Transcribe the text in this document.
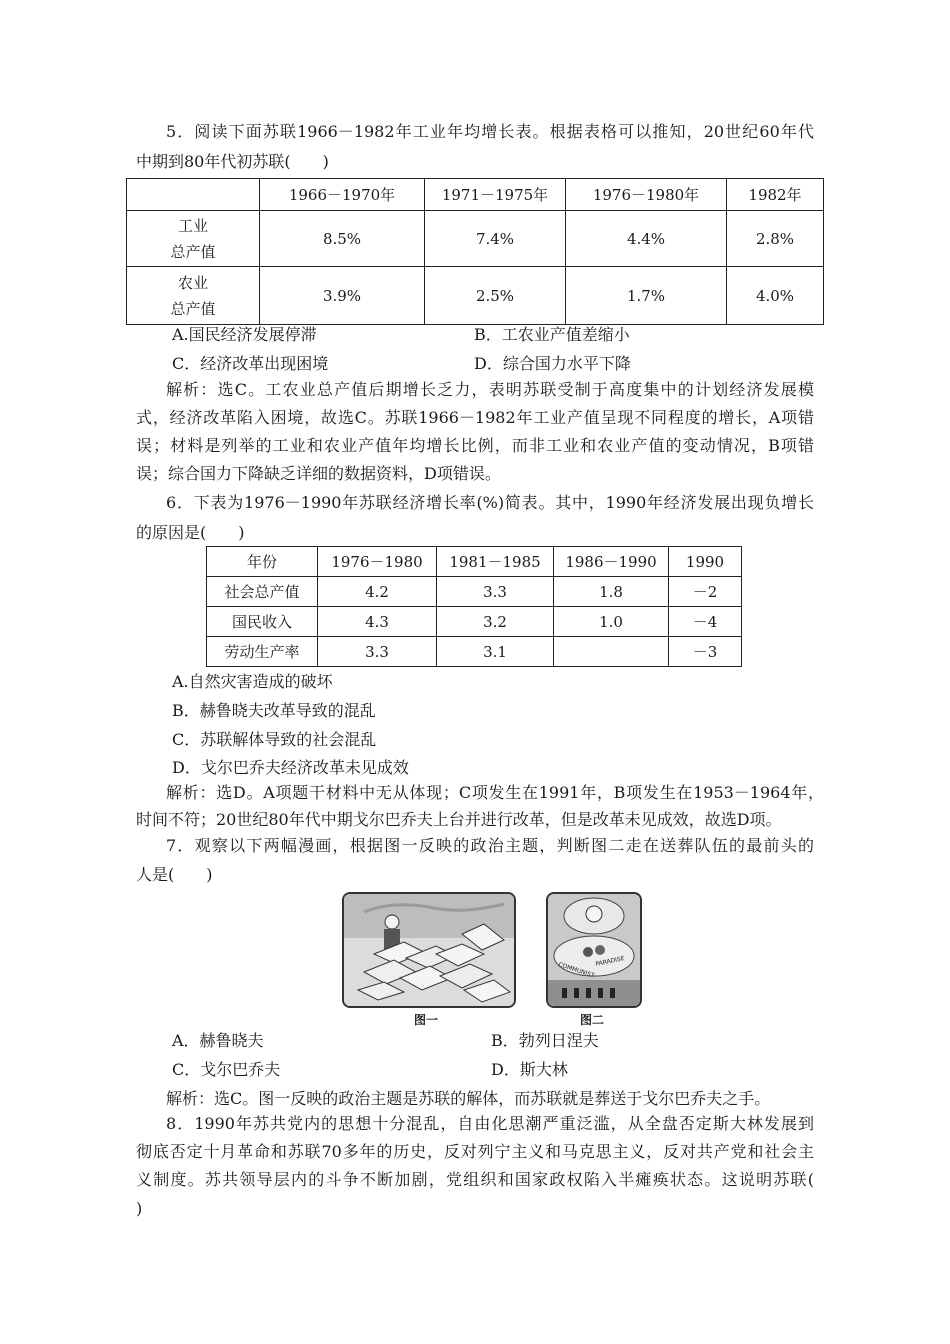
5．阅读下面苏联1966－1982年工业年均增长表。根据表格可以推知，20世纪60年代
中期到80年代初苏联(　　)
	1966－1970年	1971－1975年	1976－1980年	1982年
工业
总产值	8.5%	7.4%	4.4%	2.8%
农业
总产值	3.9%	2.5%	1.7%	4.0%
A.国民经济发展停滞	B．工农业产值差缩小
C．经济改革出现困境	D．综合国力水平下降
解析：选C。工农业总产值后期增长乏力，表明苏联受制于高度集中的计划经济发展模
式，经济改革陷入困境，故选C。苏联1966－1982年工业产值呈现不同程度的增长，A项错
误；材料是列举的工业和农业产值年均增长比例，而非工业和农业产值的变动情况，B项错
误；综合国力下降缺乏详细的数据资料，D项错误。
6．下表为1976－1990年苏联经济增长率(%)简表。其中，1990年经济发展出现负增长
的原因是(　　)
年份	1976－1980	1981－1985	1986－1990	1990
社会总产值	4.2	3.3	1.8	－2
国民收入	4.3	3.2	1.0	－4
劳动生产率	3.3	3.1		－3
A.自然灾害造成的破坏
B．赫鲁晓夫改革导致的混乱
C．苏联解体导致的社会混乱
D．戈尔巴乔夫经济改革未见成效
解析：选D。A项题干材料中无从体现；C项发生在1991年，B项发生在1953－1964年，
时间不符；20世纪80年代中期戈尔巴乔夫上台并进行改革，但是改革未见成效，故选D项。
7．观察以下两幅漫画，根据图一反映的政治主题，判断图二走在送葬队伍的最前头的
人是(　　)
图一
COMMUNIST PARADISE
图二
A．赫鲁晓夫	B．勃列日涅夫
C．戈尔巴乔夫	D．斯大林
解析：选C。图一反映的政治主题是苏联的解体，而苏联就是葬送于戈尔巴乔夫之手。
8．1990年苏共党内的思想十分混乱，自由化思潮严重泛滥，从全盘否定斯大林发展到
彻底否定十月革命和苏联70多年的历史，反对列宁主义和马克思主义，反对共产党和社会主
义制度。苏共领导层内的斗争不断加剧，党组织和国家政权陷入半瘫痪状态。这说明苏联(
)
